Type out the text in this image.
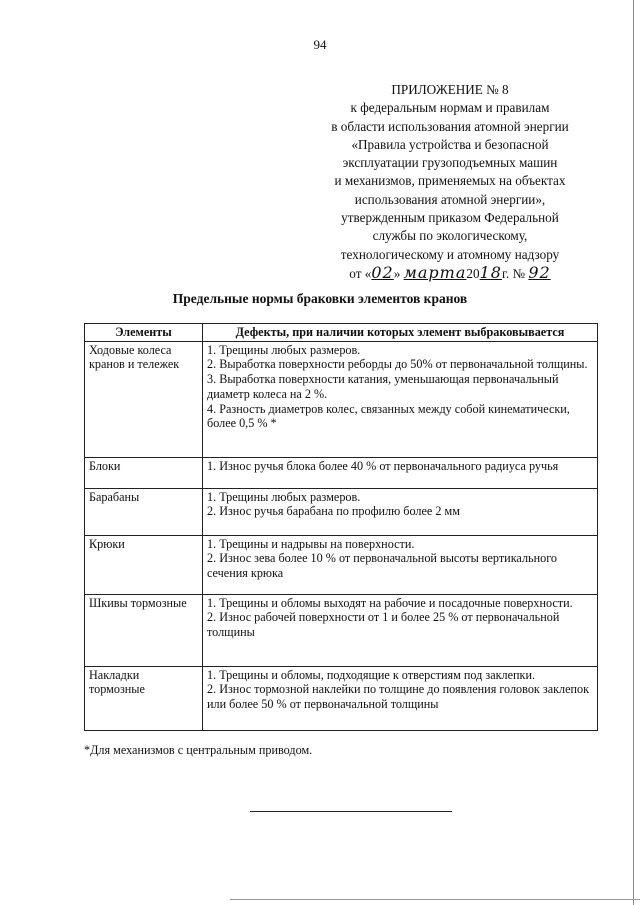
94
ПРИЛОЖЕНИЕ № 8
к федеральным нормам и правилам
в области использования атомной энергии
«Правила устройства и безопасной
эксплуатации грузоподъемных машин
и механизмов, применяемых на объектах
использования атомной энергии»,
утвержденным приказом Федеральной
службы по экологическому,
технологическому и атомному надзору
от «02» марта2018г. № 92
Предельные нормы браковки элементов кранов
Элементы	Дефекты, при наличии которых элемент выбраковывается
Ходовые колеса кранов и тележек	1. Трещины любых размеров.
2. Выработка поверхности реборды до 50% от первоначальной толщины.
3. Выработка поверхности катания, уменьшающая первоначальный диаметр колеса на 2 %.
4. Разность диаметров колес, связанных между собой кинематически, более 0,5 % *

Блоки	1. Износ ручья блока более 40 % от первоначального радиуса ручья

Барабаны	1. Трещины любых размеров.
2. Износ ручья барабана по профилю более 2 мм

Крюки	1. Трещины и надрывы на поверхности.
2. Износ зева более 10 % от первоначальной высоты вертикального сечения крюка

Шкивы тормозные	1. Трещины и обломы выходят на рабочие и посадочные поверхности.
2. Износ рабочей поверхности от 1 и более 25 % от первоначальной толщины

Накладки тормозные	1. Трещины и обломы, подходящие к отверстиям под заклепки.
2. Износ тормозной наклейки по толщине до появления головок заклепок или более 50 % от первоначальной толщины
*Для механизмов с центральным приводом.
